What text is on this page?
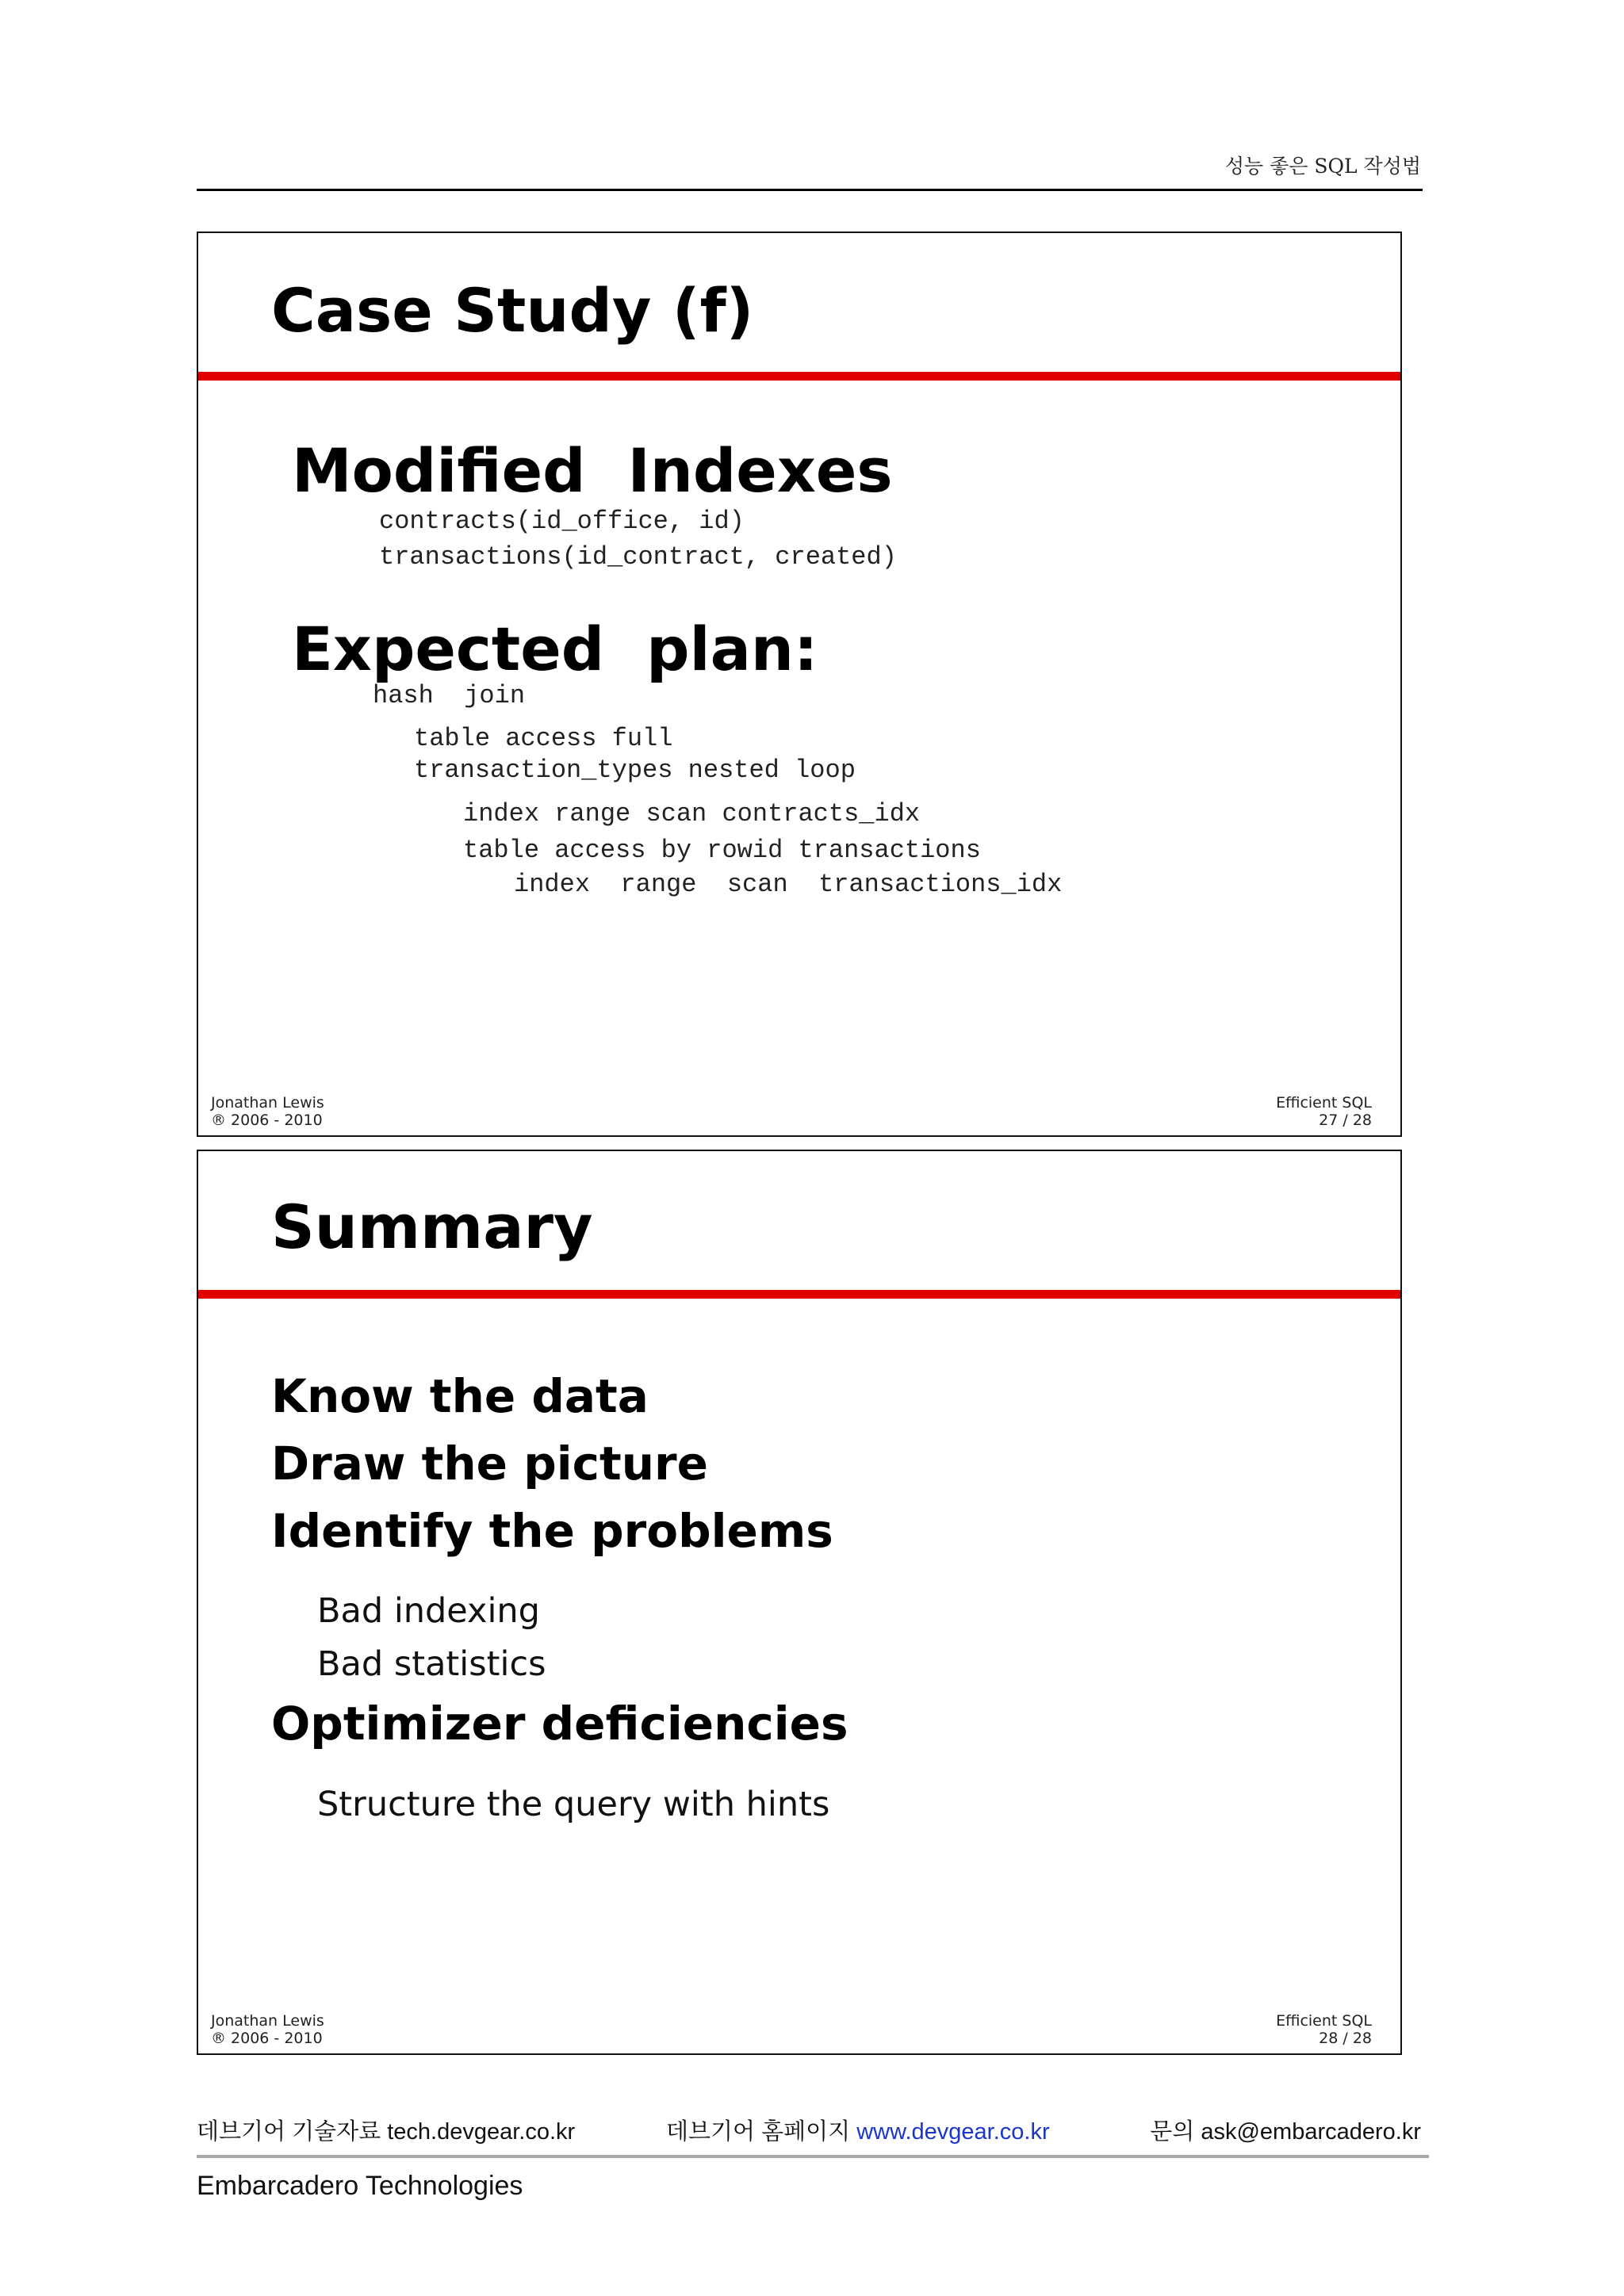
성능 좋은 SQL 작성법
Case Study (f)
Modified  Indexes
contracts(id_office, id)
transactions(id_contract, created)
Expected  plan:
hash  join
table access full
transaction_types nested loop
index range scan contracts_idx
table access by rowid transactions
index  range  scan  transactions_idx
Jonathan Lewis
® 2006 - 2010
Efficient SQL
27 / 28
Summary
Know the data
Draw the picture
Identify the problems
Bad indexing
Bad statistics
Optimizer deficiencies
Structure the query with hints
Jonathan Lewis
® 2006 - 2010
Efficient SQL
28 / 28
데브기어 기술자료 tech.devgear.co.kr	데브기어 홈페이지 www.devgear.co.kr	문의 ask@embarcadero.kr
Embarcadero Technologies
